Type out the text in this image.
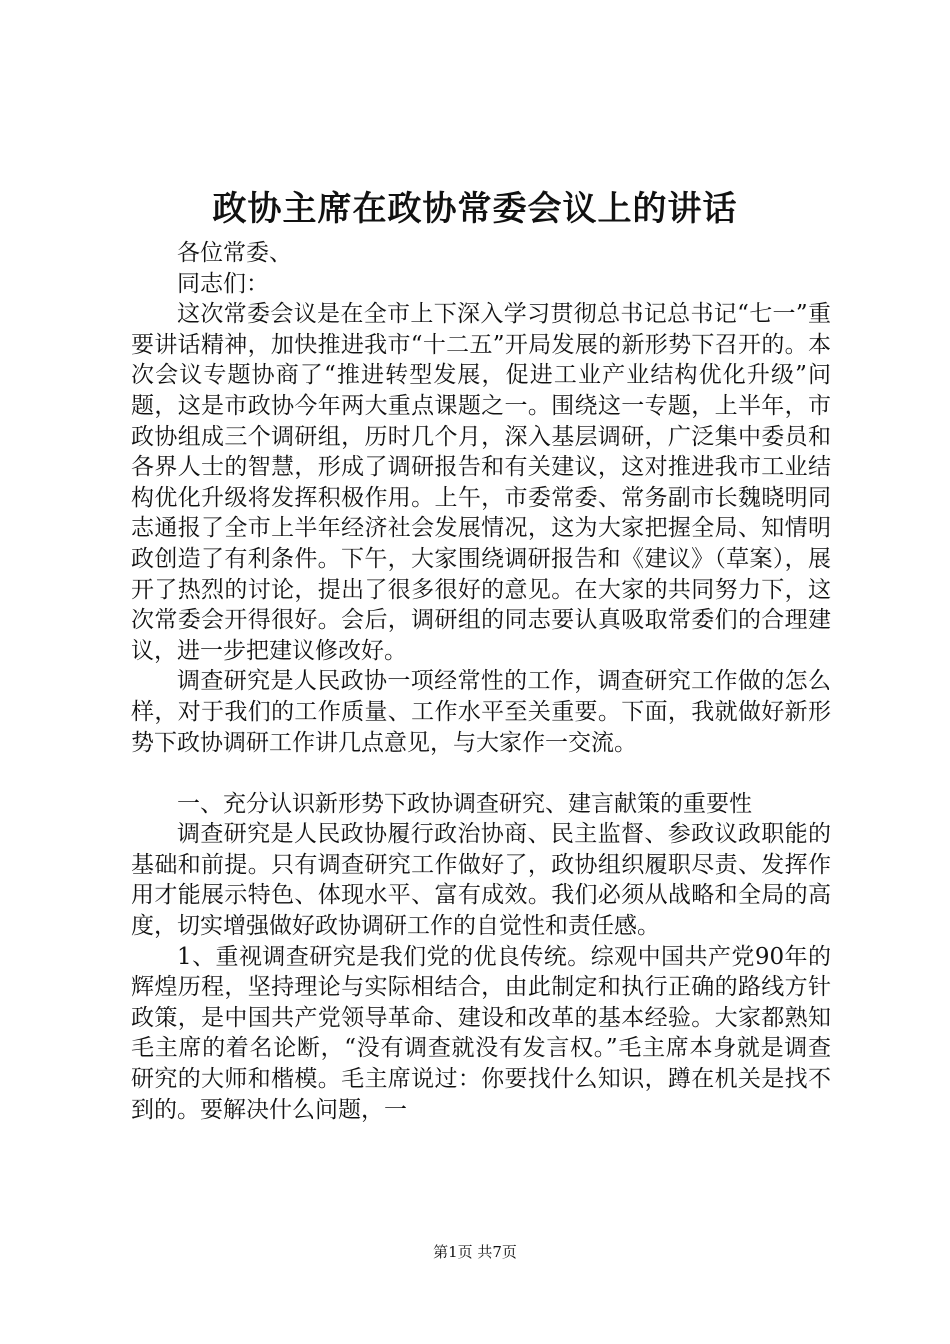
政协主席在政协常委会议上的讲话

各位常委、

同志们：

这次常委会议是在全市上下深入学习贯彻总书记总书记“七一”重要讲话精神，加快推进我市“十二五”开局发展的新形势下召开的。本次会议专题协商了“推进转型发展，促进工业产业结构优化升级”问题，这是市政协今年两大重点课题之一。围绕这一专题，上半年，市政协组成三个调研组，历时几个月，深入基层调研，广泛集中委员和各界人士的智慧，形成了调研报告和有关建议，这对推进我市工业结构优化升级将发挥积极作用。上午，市委常委、常务副市长魏晓明同志通报了全市上半年经济社会发展情况，这为大家把握全局、知情明政创造了有利条件。下午，大家围绕调研报告和《建议》（草案），展开了热烈的讨论，提出了很多很好的意见。在大家的共同努力下，这次常委会开得很好。会后，调研组的同志要认真吸取常委们的合理建议，进一步把建议修改好。

调查研究是人民政协一项经常性的工作，调查研究工作做的怎么样，对于我们的工作质量、工作水平至关重要。下面，我就做好新形势下政协调研工作讲几点意见，与大家作一交流。

一、充分认识新形势下政协调查研究、建言献策的重要性

调查研究是人民政协履行政治协商、民主监督、参政议政职能的基础和前提。只有调查研究工作做好了，政协组织履职尽责、发挥作用才能展示特色、体现水平、富有成效。我们必须从战略和全局的高度，切实增强做好政协调研工作的自觉性和责任感。

1、重视调查研究是我们党的优良传统。综观中国共产党90年的辉煌历程，坚持理论与实际相结合，由此制定和执行正确的路线方针政策，是中国共产党领导革命、建设和改革的基本经验。大家都熟知毛主席的着名论断，“没有调查就没有发言权。”毛主席本身就是调查研究的大师和楷模。毛主席说过：你要找什么知识，蹲在机关是找不到的。要解决什么问题，一

第1页 共7页
